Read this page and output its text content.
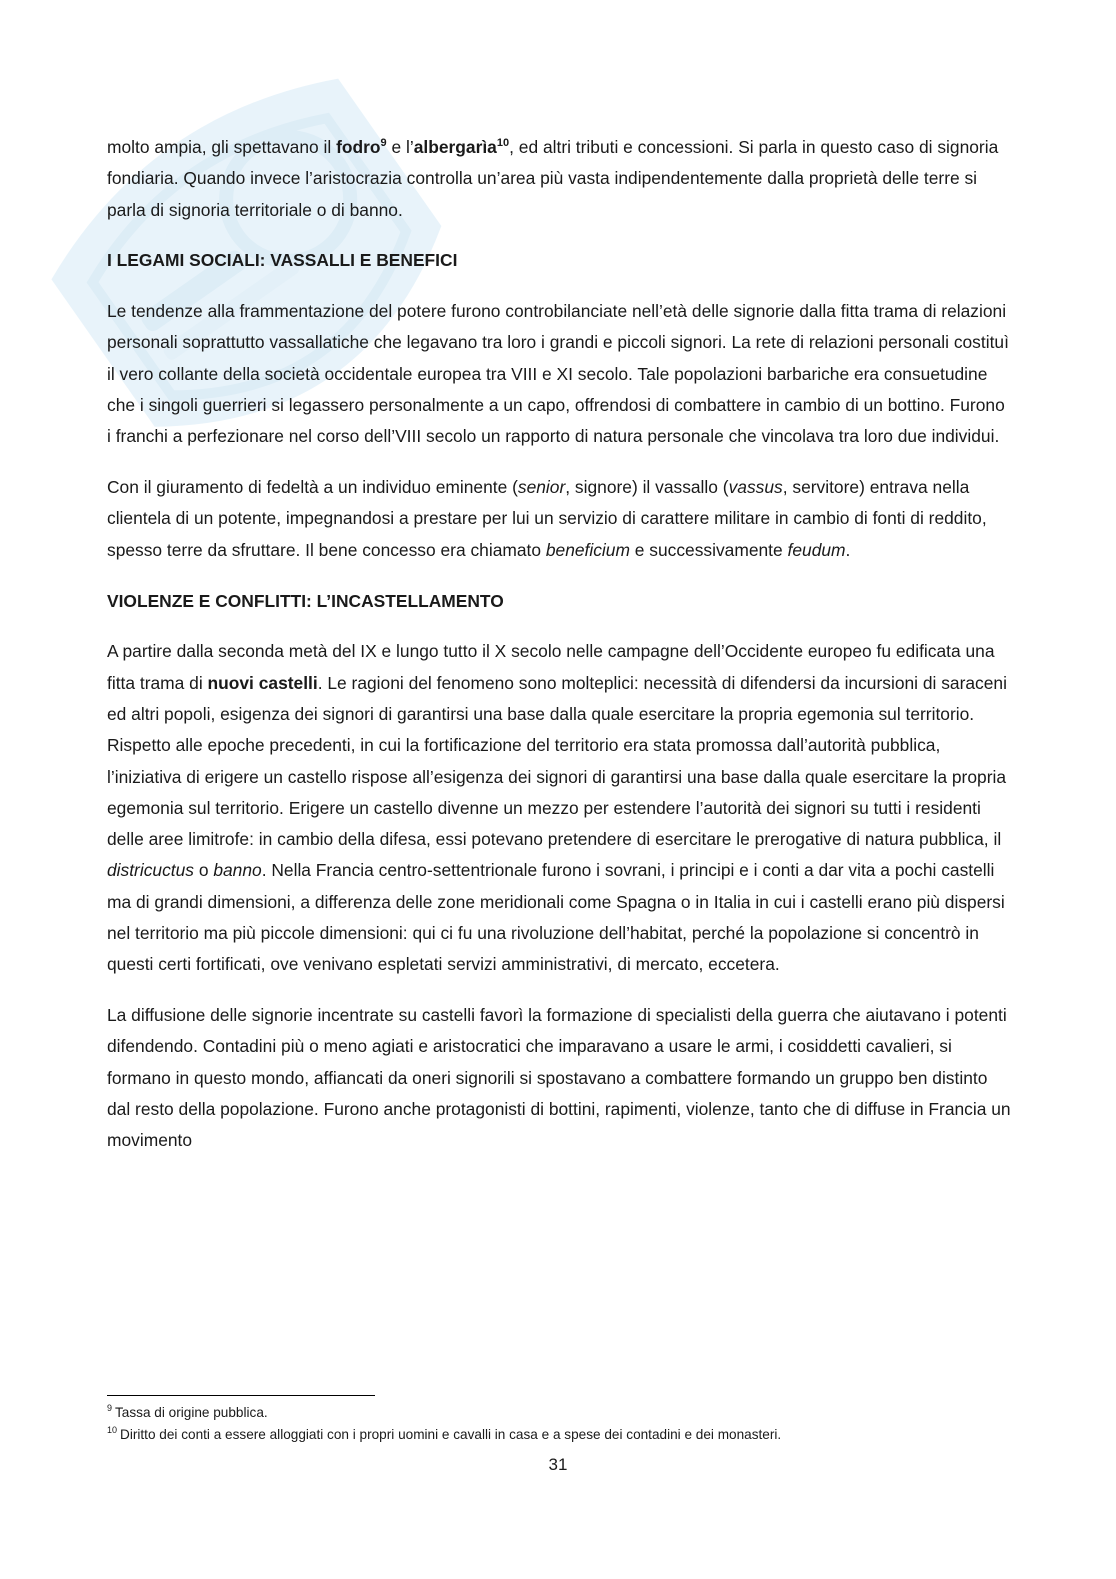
molto ampia, gli spettavano il fodro$^9$ e l’albergarìa$^{10}$, ed altri tributi e concessioni. Si parla in questo caso di signoria fondiaria. Quando invece l’aristocrazia controlla un’area più vasta indipendentemente dalla proprietà delle terre si parla di signoria territoriale o di banno.

I LEGAMI SOCIALI: VASSALLI E BENEFICI

Le tendenze alla frammentazione del potere furono controbilanciate nell’età delle signorie dalla fitta trama di relazioni personali soprattutto vassallatiche che legavano tra loro i grandi e piccoli signori. La rete di relazioni personali costituì il vero collante della società occidentale europea tra VIII e XI secolo. Tale popolazioni barbariche era consuetudine che i singoli guerrieri si legassero personalmente a un capo, offrendosi di combattere in cambio di un bottino. Furono i franchi a perfezionare nel corso dell’VIII secolo un rapporto di natura personale che vincolava tra loro due individui.

Con il giuramento di fedeltà a un individuo eminente (senior, signore) il vassallo (vassus, servitore) entrava nella clientela di un potente, impegnandosi a prestare per lui un servizio di carattere militare in cambio di fonti di reddito, spesso terre da sfruttare. Il bene concesso era chiamato beneficium e successivamente feudum.

VIOLENZE E CONFLITTI: L’INCASTELLAMENTO

A partire dalla seconda metà del IX e lungo tutto il X secolo nelle campagne dell’Occidente europeo fu edificata una fitta trama di nuovi castelli. Le ragioni del fenomeno sono molteplici: necessità di difendersi da incursioni di saraceni ed altri popoli, esigenza dei signori di garantirsi una base dalla quale esercitare la propria egemonia sul territorio. Rispetto alle epoche precedenti, in cui la fortificazione del territorio era stata promossa dall’autorità pubblica, l’iniziativa di erigere un castello rispose all’esigenza dei signori di garantirsi una base dalla quale esercitare la propria egemonia sul territorio. Erigere un castello divenne un mezzo per estendere l’autorità dei signori su tutti i residenti delle aree limitrofe: in cambio della difesa, essi potevano pretendere di esercitare le prerogative di natura pubblica, il districuctus o banno. Nella Francia centro-settentrionale furono i sovrani, i principi e i conti a dar vita a pochi castelli ma di grandi dimensioni, a differenza delle zone meridionali come Spagna o in Italia in cui i castelli erano più dispersi nel territorio ma più piccole dimensioni: qui ci fu una rivoluzione dell’habitat, perché la popolazione si concentrò in questi certi fortificati, ove venivano espletati servizi amministrativi, di mercato, eccetera.

La diffusione delle signorie incentrate su castelli favorì la formazione di specialisti della guerra che aiutavano i potenti difendendo. Contadini più o meno agiati e aristocratici che imparavano a usare le armi, i cosiddetti cavalieri, si formano in questo mondo, affiancati da oneri signorili si spostavano a combattere formando un gruppo ben distinto dal resto della popolazione. Furono anche protagonisti di bottini, rapimenti, violenze, tanto che di diffuse in Francia un movimento

$^9$ Tassa di origine pubblica.
$^{10}$ Diritto dei conti a essere alloggiati con i propri uomini e cavalli in casa e a spese dei contadini e dei monasteri.
31
